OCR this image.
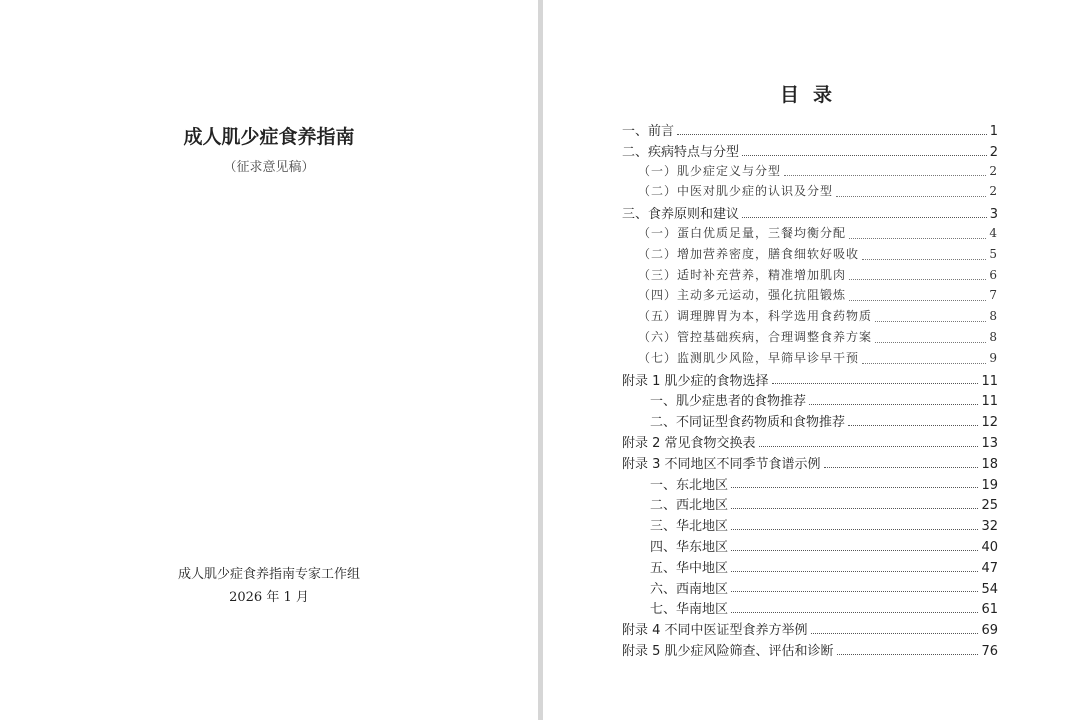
成人肌少症食养指南
（征求意见稿）
成人肌少症食养指南专家工作组
2026 年 1 月
目录
一、前言	1
二、疾病特点与分型	2
（一）肌少症定义与分型	2
（二）中医对肌少症的认识及分型	2
三、食养原则和建议	3
（一）蛋白优质足量，三餐均衡分配	4
（二）增加营养密度，膳食细软好吸收	5
（三）适时补充营养，精准增加肌肉	6
（四）主动多元运动，强化抗阻锻炼	7
（五）调理脾胃为本，科学选用食药物质	8
（六）管控基础疾病，合理调整食养方案	8
（七）监测肌少风险，早筛早诊早干预	9
附录 1 肌少症的食物选择	11
一、肌少症患者的食物推荐	11
二、不同证型食药物质和食物推荐	12
附录 2 常见食物交换表	13
附录 3 不同地区不同季节食谱示例	18
一、东北地区	19
二、西北地区	25
三、华北地区	32
四、华东地区	40
五、华中地区	47
六、西南地区	54
七、华南地区	61
附录 4 不同中医证型食养方举例	69
附录 5 肌少症风险筛查、评估和诊断	76
